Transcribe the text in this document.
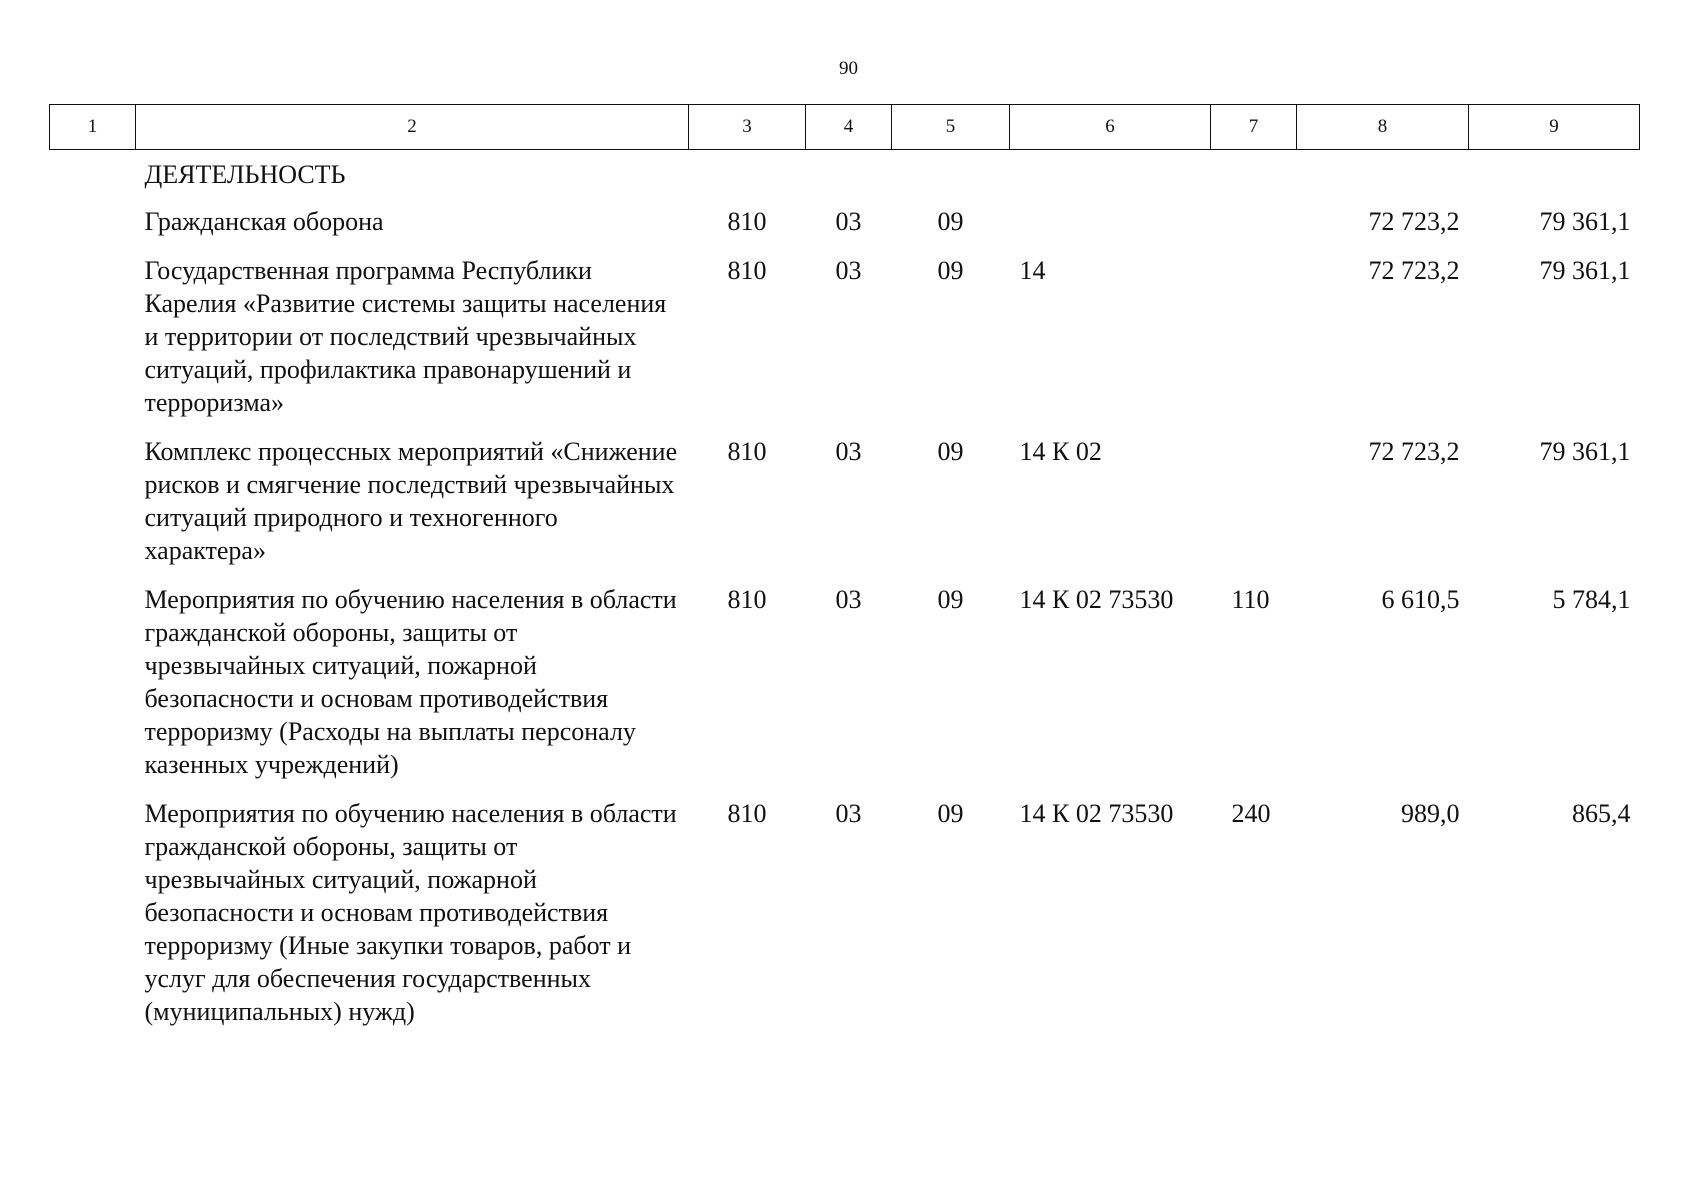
90
1	2	3	4	5	6	7	8	9
	ДЕЯТЕЛЬНОСТЬ							
	Гражданская оборона	810	03	09			72 723,2	79 361,1
	Государственная программа Республики Карелия «Развитие системы защиты населения и территории от последствий чрезвычайных ситуаций, профилактика правонарушений и терроризма»	810	03	09	14		72 723,2	79 361,1
	Комплекс процессных мероприятий «Снижение рисков и смягчение последствий чрезвычайных ситуаций природного и техногенного характера»	810	03	09	14 К 02		72 723,2	79 361,1
	Мероприятия по обучению населения в области гражданской обороны, защиты от чрезвычайных ситуаций, пожарной безопасности и основам противодействия терроризму (Расходы на выплаты персоналу казенных учреждений)	810	03	09	14 К 02 73530	110	6 610,5	5 784,1
	Мероприятия по обучению населения в области гражданской обороны, защиты от чрезвычайных ситуаций, пожарной безопасности и основам противодействия терроризму (Иные закупки товаров, работ и услуг для обеспечения государственных (муниципальных) нужд)	810	03	09	14 К 02 73530	240	989,0	865,4
